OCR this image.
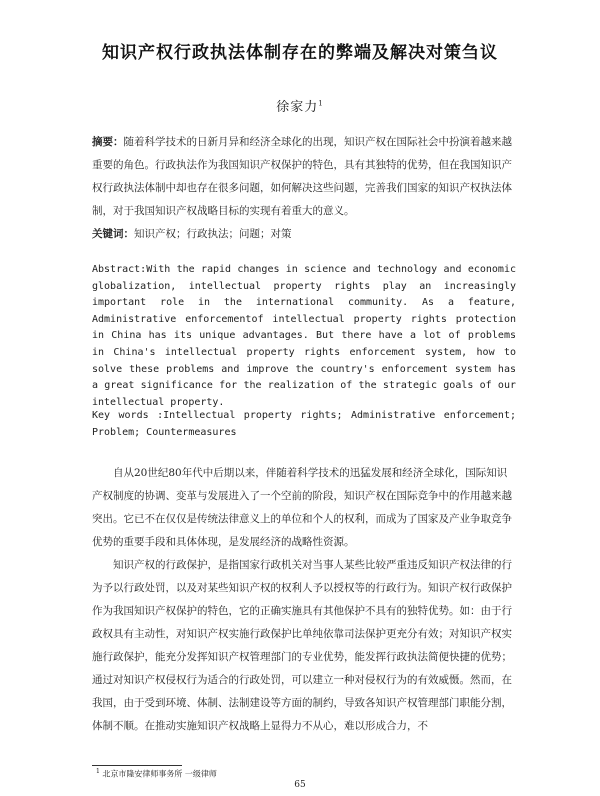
知识产权行政执法体制存在的弊端及解决对策刍议
徐家力$^1$

摘要：随着科学技术的日新月异和经济全球化的出现，知识产权在国际社会中扮演着越来越重要的角色。行政执法作为我国知识产权保护的特色，具有其独特的优势，但在我国知识产权行政执法体制中却也存在很多问题，如何解决这些问题，完善我们国家的知识产权执法体制，对于我国知识产权战略目标的实现有着重大的意义。

关键词：知识产权；行政执法；问题；对策

Abstract:With the rapid changes in science and technology and economic globalization, intellectual property rights play an increasingly important role in the international community. As a feature, Administrative enforcementof intellectual property rights protection in China has its unique advantages. But there have a lot of problems in China's intellectual property rights enforcement system, how to solve these problems and improve the country's enforcement system has a great significance for the realization of the strategic goals of our intellectual property.
Key words :Intellectual property rights; Administrative enforcement; Problem; Countermeasures

自从20世纪80年代中后期以来，伴随着科学技术的迅猛发展和经济全球化，国际知识产权制度的协调、变革与发展进入了一个空前的阶段，知识产权在国际竞争中的作用越来越突出。它已不在仅仅是传统法律意义上的单位和个人的权利，而成为了国家及产业争取竞争优势的重要手段和具体体现，是发展经济的战略性资源。

知识产权的行政保护，是指国家行政机关对当事人某些比较严重违反知识产权法律的行为予以行政处罚，以及对某些知识产权的权利人予以授权等的行政行为。知识产权行政保护作为我国知识产权保护的特色，它的正确实施具有其他保护不具有的独特优势。如：由于行政权具有主动性，对知识产权实施行政保护比单纯依靠司法保护更充分有效；对知识产权实施行政保护，能充分发挥知识产权管理部门的专业优势，能发挥行政执法简便快捷的优势；通过对知识产权侵权行为适合的行政处罚，可以建立一种对侵权行为的有效威慑。然而，在我国，由于受到环境、体制、法制建设等方面的制约，导致各知识产权管理部门职能分割，体制不顺。在推动实施知识产权战略上显得力不从心，难以形成合力，不

$^1$ 北京市隆安律师事务所 一级律师
65
